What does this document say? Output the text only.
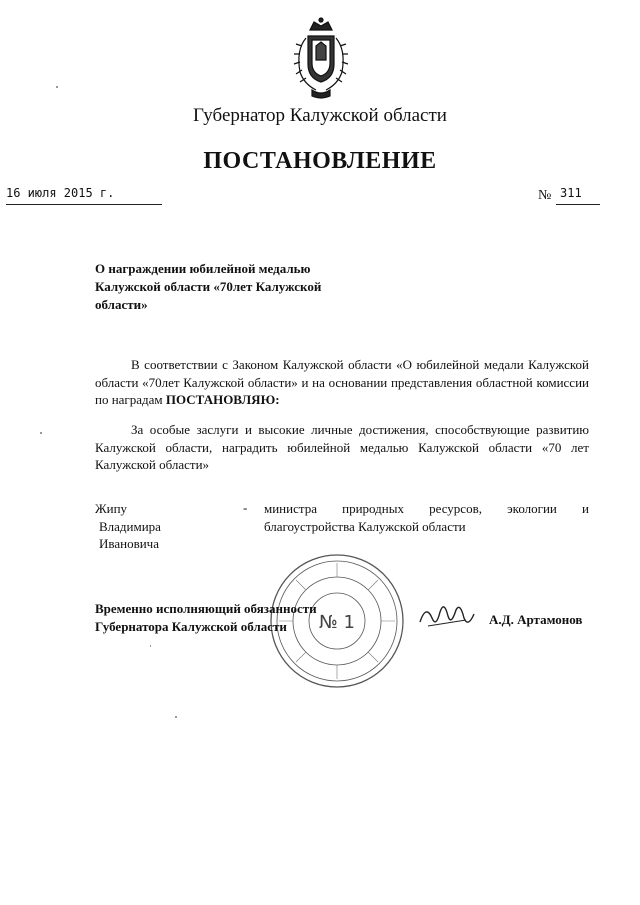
Губернатор Калужской области
ПОСТАНОВЛЕНИЕ
16 июля 2015 г.	№ 311
О награждении юбилейной медалью
Калужской области «70лет Калужской
области»
В соответствии с Законом Калужской области «О юбилейной медали Калужской области «70лет Калужской области» и на основании представления областной комиссии по наградам ПОСТАНОВЛЯЮ:
За особые заслуги и высокие личные достижения, способствующие развитию Калужской области, наградить юбилейной медалью Калужской области «70 лет Калужской области»
Жипу
Владимира
Ивановича
- министра природных ресурсов, экологии и благоустройства Калужской области
№ 1
Временно исполняющий обязанности
Губернатора Калужской области	А.Д. Артамонов
